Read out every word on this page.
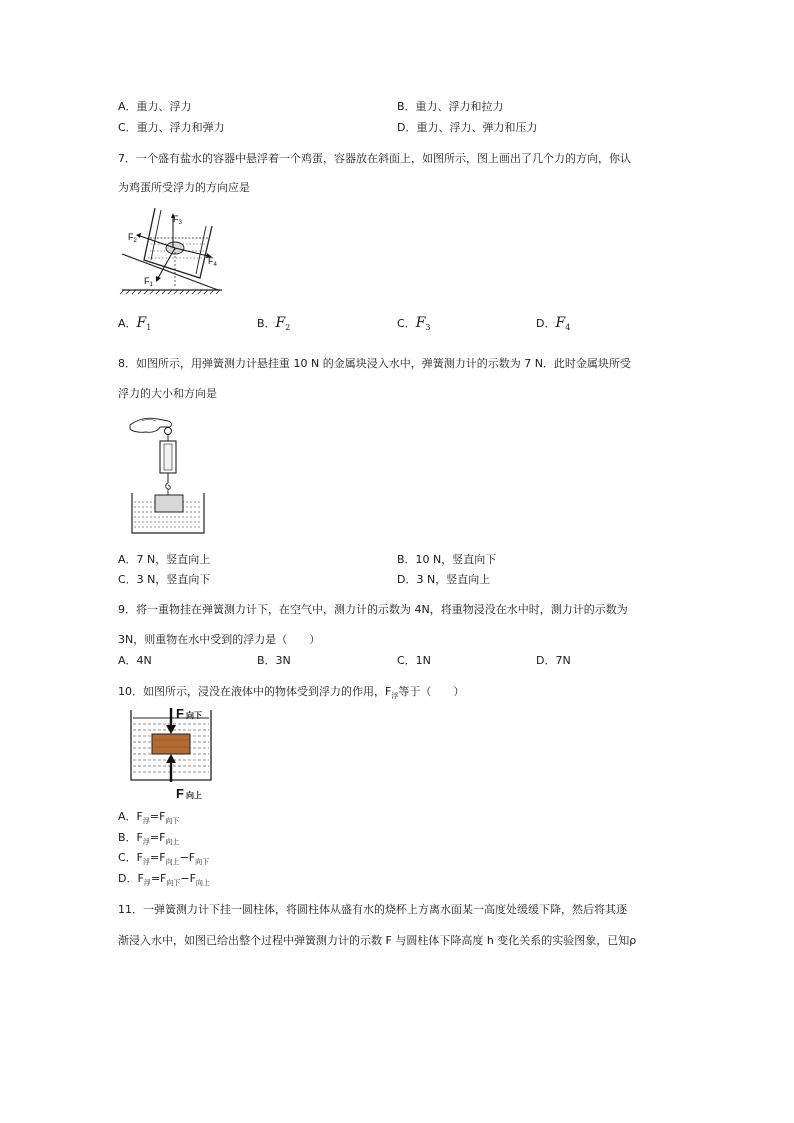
A．重力、浮力	B．重力、浮力和拉力
C．重力、浮力和弹力	D．重力、浮力、弹力和压力
7．一个盛有盐水的容器中悬浮着一个鸡蛋，容器放在斜面上，如图所示，图上画出了几个力的方向，你认
为鸡蛋所受浮力的方向应是
$F_3$
$F_2$
$F_4$
$F_1$
A．$F_1$	B．$F_2$	C．$F_3$	D．$F_4$
8．如图所示，用弹簧测力计悬挂重 10 N 的金属块浸入水中，弹簧测力计的示数为 7 N．此时金属块所受
浮力的大小和方向是
A．7 N，竖直向上	B．10 N，竖直向下
C．3 N，竖直向下	D．3 N，竖直向上
9．将一重物挂在弹簧测力计下，在空气中，测力计的示数为 4N，将重物浸没在水中时，测力计的示数为
3N，则重物在水中受到的浮力是（　　）
A．4N	B．3N	C．1N	D．7N
10．如图所示，浸没在液体中的物体受到浮力的作用，$F_浮$等于（　　）
F向下
F向上
A．$F_浮=F_{向下}$
B．$F_浮=F_{向上}$
C．$F_浮=F_{向上}-F_{向下}$
D．$F_浮=F_{向下}-F_{向上}$
11．一弹簧测力计下挂一圆柱体，将圆柱体从盛有水的烧杯上方离水面某一高度处缓缓下降，然后将其逐
渐浸入水中，如图已给出整个过程中弹簧测力计的示数 F 与圆柱体下降高度 h 变化关系的实验图象，已知ρ
